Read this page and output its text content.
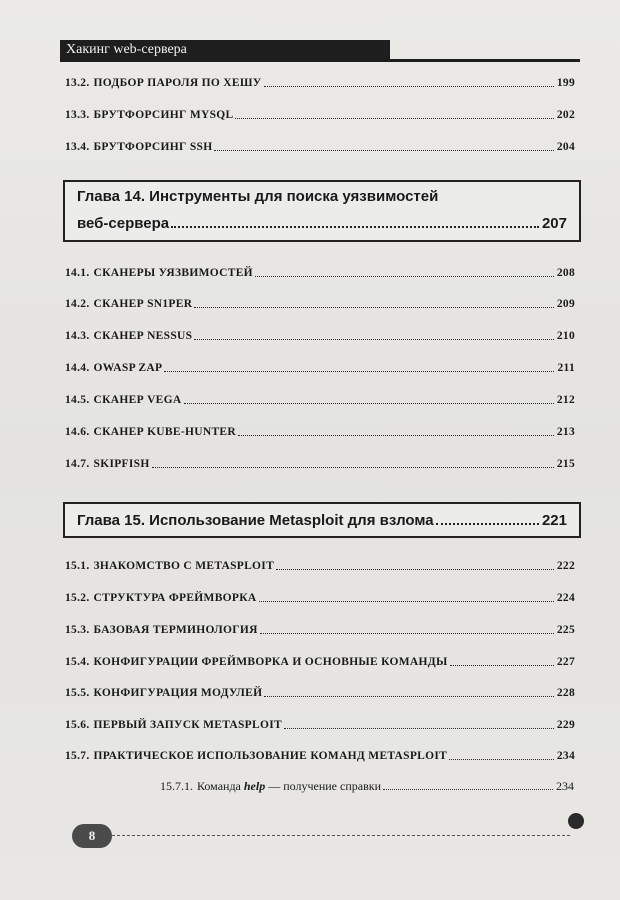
Хакинг web-сервера
13.2. ПОДБОР ПАРОЛЯ ПО ХЕШУ	199
13.3. БРУТФОРСИНГ MYSQL	202
13.4. БРУТФОРСИНГ SSH	204
Глава 14. Инструменты для поиска уязвимостей
веб-сервера	207
14.1. СКАНЕРЫ УЯЗВИМОСТЕЙ	208
14.2. СКАНЕР SN1PER	209
14.3. СКАНЕР NESSUS	210
14.4. OWASP ZAP	211
14.5. СКАНЕР VEGA	212
14.6. СКАНЕР KUBE-HUNTER	213
14.7. SKIPFISH	215
Глава 15. Использование Metasploit для взлома	221
15.1. ЗНАКОМСТВО С METASPLOIT	222
15.2. СТРУКТУРА ФРЕЙМВОРКА	224
15.3. БАЗОВАЯ ТЕРМИНОЛОГИЯ	225
15.4. КОНФИГУРАЦИИ ФРЕЙМВОРКА И ОСНОВНЫЕ КОМАНДЫ	227
15.5. КОНФИГУРАЦИЯ МОДУЛЕЙ	228
15.6. ПЕРВЫЙ ЗАПУСК METASPLOIT	229
15.7. ПРАКТИЧЕСКОЕ ИСПОЛЬЗОВАНИЕ КОМАНД METASPLOIT	234
15.7.1. Команда help — получение справки	234
8
